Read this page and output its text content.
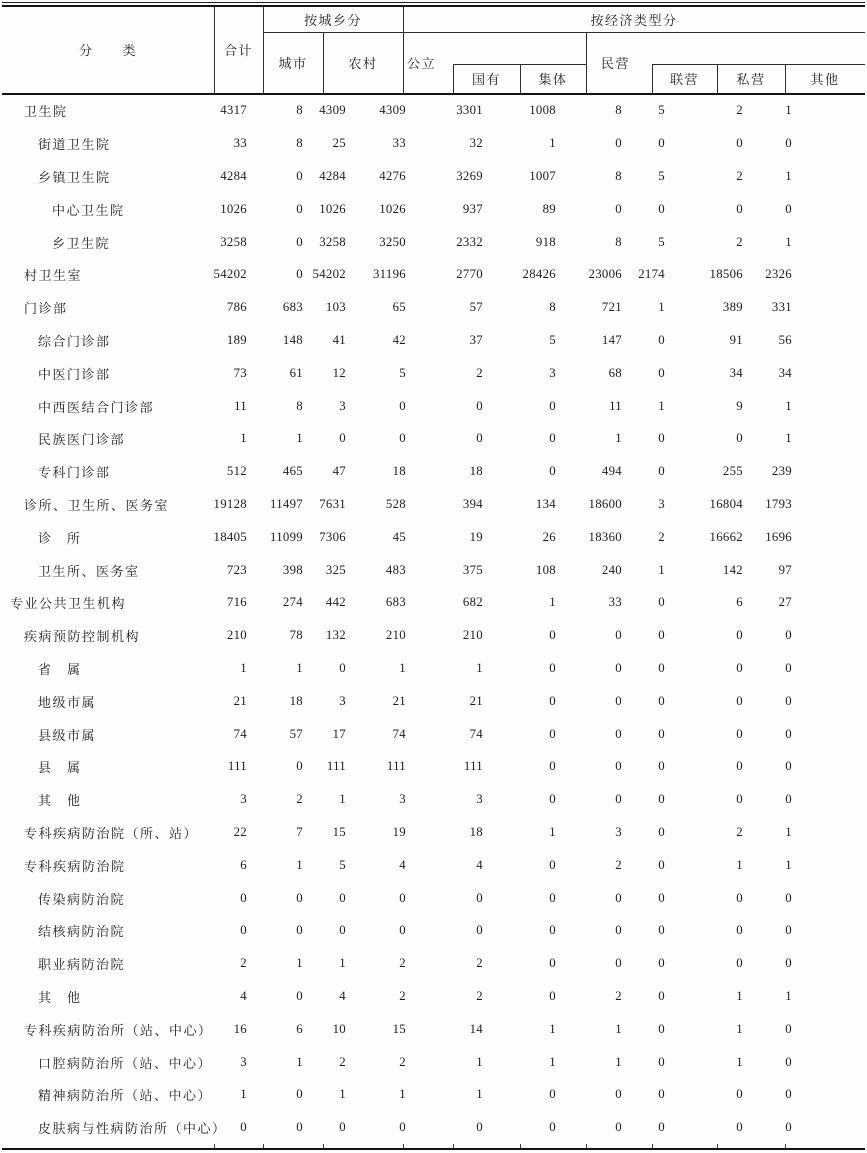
分　　类	合计
按城乡分
城市	农村
按经济类型分
公立
国有	集体
民营
联营	私营	其他
卫生院	4317	8	4309	4309	3301	1008	8	5	2	1	
街道卫生院	33	8	25	33	32	1	0	0	0	0	
乡镇卫生院	4284	0	4284	4276	3269	1007	8	5	2	1	
中心卫生院	1026	0	1026	1026	937	89	0	0	0	0	
乡卫生院	3258	0	3258	3250	2332	918	8	5	2	1	
村卫生室	54202	0	54202	31196	2770	28426	23006	2174	18506	2326	
门诊部	786	683	103	65	57	8	721	1	389	331	
综合门诊部	189	148	41	42	37	5	147	0	91	56	
中医门诊部	73	61	12	5	2	3	68	0	34	34	
中西医结合门诊部	11	8	3	0	0	0	11	1	9	1	
民族医门诊部	1	1	0	0	0	0	1	0	0	1	
专科门诊部	512	465	47	18	18	0	494	0	255	239	
诊所、卫生所、医务室	19128	11497	7631	528	394	134	18600	3	16804	1793	
诊　所	18405	11099	7306	45	19	26	18360	2	16662	1696	
卫生所、医务室	723	398	325	483	375	108	240	1	142	97	
专业公共卫生机构	716	274	442	683	682	1	33	0	6	27	
疾病预防控制机构	210	78	132	210	210	0	0	0	0	0	
省　属	1	1	0	1	1	0	0	0	0	0	
地级市属	21	18	3	21	21	0	0	0	0	0	
县级市属	74	57	17	74	74	0	0	0	0	0	
县　属	111	0	111	111	111	0	0	0	0	0	
其　他	3	2	1	3	3	0	0	0	0	0	
专科疾病防治院（所、站）	22	7	15	19	18	1	3	0	2	1	
专科疾病防治院	6	1	5	4	4	0	2	0	1	1	
传染病防治院	0	0	0	0	0	0	0	0	0	0	
结核病防治院	0	0	0	0	0	0	0	0	0	0	
职业病防治院	2	1	1	2	2	0	0	0	0	0	
其　他	4	0	4	2	2	0	2	0	1	1	
专科疾病防治所（站、中心）	16	6	10	15	14	1	1	0	1	0	
口腔病防治所（站、中心）	3	1	2	2	1	1	1	0	1	0	
精神病防治所（站、中心）	1	0	1	1	1	0	0	0	0	0	
皮肤病与性病防治所（中心）	0	0	0	0	0	0	0	0	0	0	
